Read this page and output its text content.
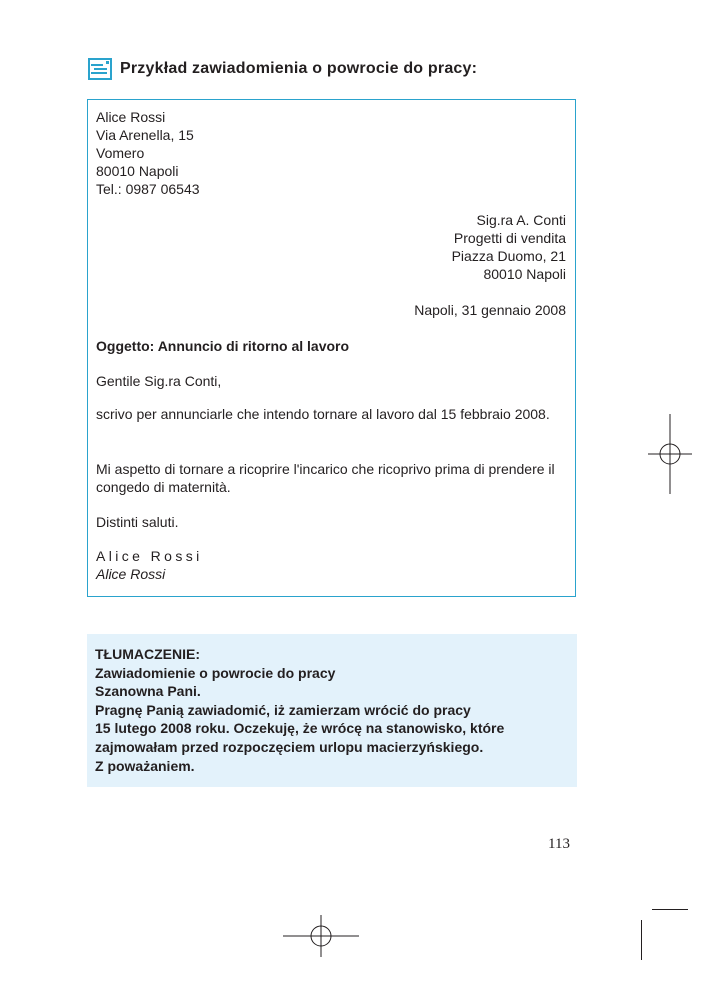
Przykład zawiadomienia o powrocie do pracy:
Alice Rossi
Via Arenella, 15
Vomero
80010 Napoli
Tel.: 0987 06543
Sig.ra A. Conti
Progetti di vendita
Piazza Duomo, 21
80010 Napoli
Napoli, 31 gennaio 2008
Oggetto: Annuncio di ritorno al lavoro
Gentile Sig.ra Conti,
scrivo per annunciarle che intendo tornare al lavoro dal 15 febbraio 2008.
Mi aspetto di tornare a ricoprire l'incarico che ricoprivo prima di prendere il congedo di maternità.
Distinti saluti.
Alice Rossi
Alice Rossi
TŁUMACZENIE:
Zawiadomienie o powrocie do pracy
Szanowna Pani.
Pragnę Panią zawiadomić, iż zamierzam wrócić do pracy
15 lutego 2008 roku. Oczekuję, że wrócę na stanowisko, które
zajmowałam przed rozpoczęciem urlopu macierzyńskiego.
Z poważaniem.
113
